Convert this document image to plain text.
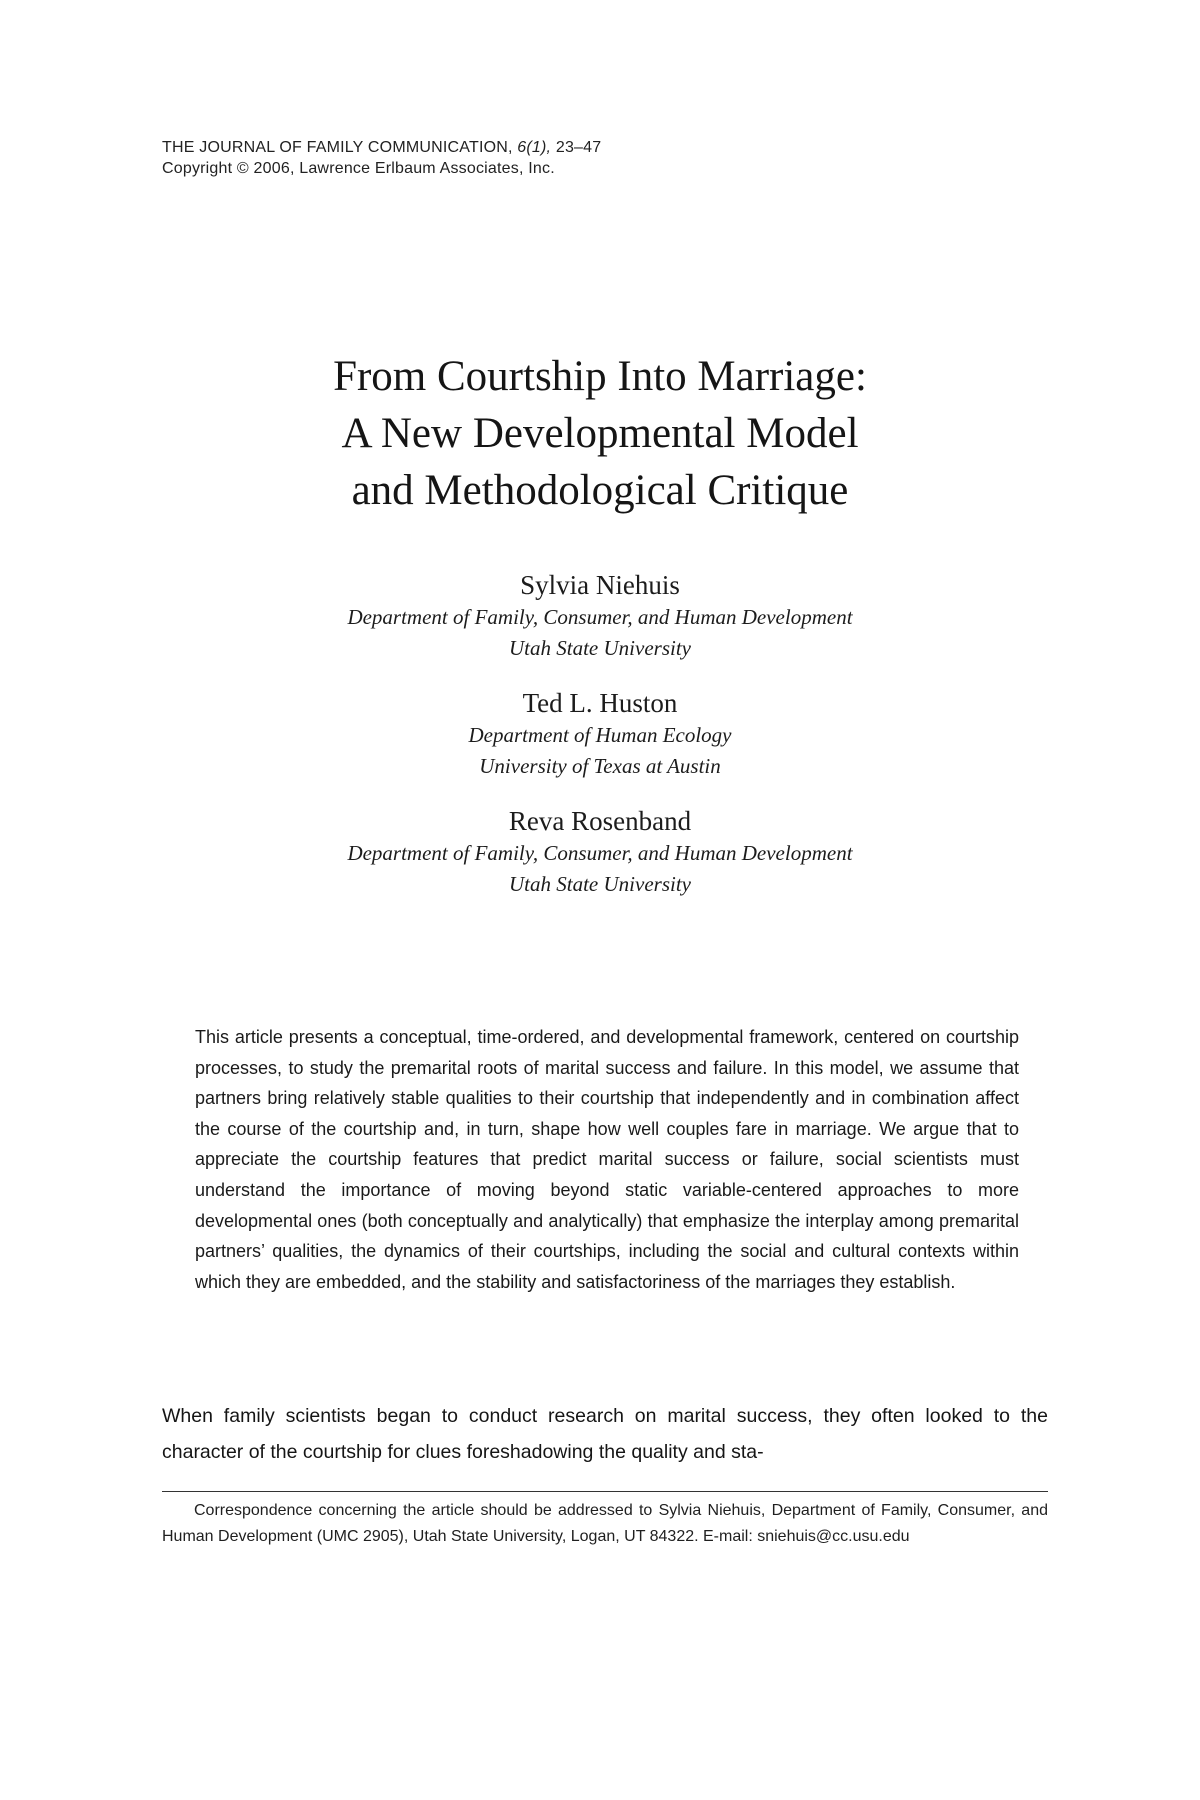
THE JOURNAL OF FAMILY COMMUNICATION, 6(1), 23–47
Copyright © 2006, Lawrence Erlbaum Associates, Inc.
From Courtship Into Marriage:
A New Developmental Model
and Methodological Critique
Sylvia Niehuis
Department of Family, Consumer, and Human Development
Utah State University
Ted L. Huston
Department of Human Ecology
University of Texas at Austin
Reva Rosenband
Department of Family, Consumer, and Human Development
Utah State University

This article presents a conceptual, time-ordered, and developmental framework, centered on courtship processes, to study the premarital roots of marital success and failure. In this model, we assume that partners bring relatively stable qualities to their courtship that independently and in combination affect the course of the courtship and, in turn, shape how well couples fare in marriage. We argue that to appreciate the courtship features that predict marital success or failure, social scientists must understand the importance of moving beyond static variable-centered approaches to more developmental ones (both conceptually and analytically) that emphasize the interplay among premarital partners’ qualities, the dynamics of their courtships, including the social and cultural contexts within which they are embedded, and the stability and satisfactoriness of the marriages they establish.

When family scientists began to conduct research on marital success, they often looked to the character of the courtship for clues foreshadowing the quality and sta-

Correspondence concerning the article should be addressed to Sylvia Niehuis, Department of Family, Consumer, and Human Development (UMC 2905), Utah State University, Logan, UT 84322. E-mail: sniehuis@cc.usu.edu
